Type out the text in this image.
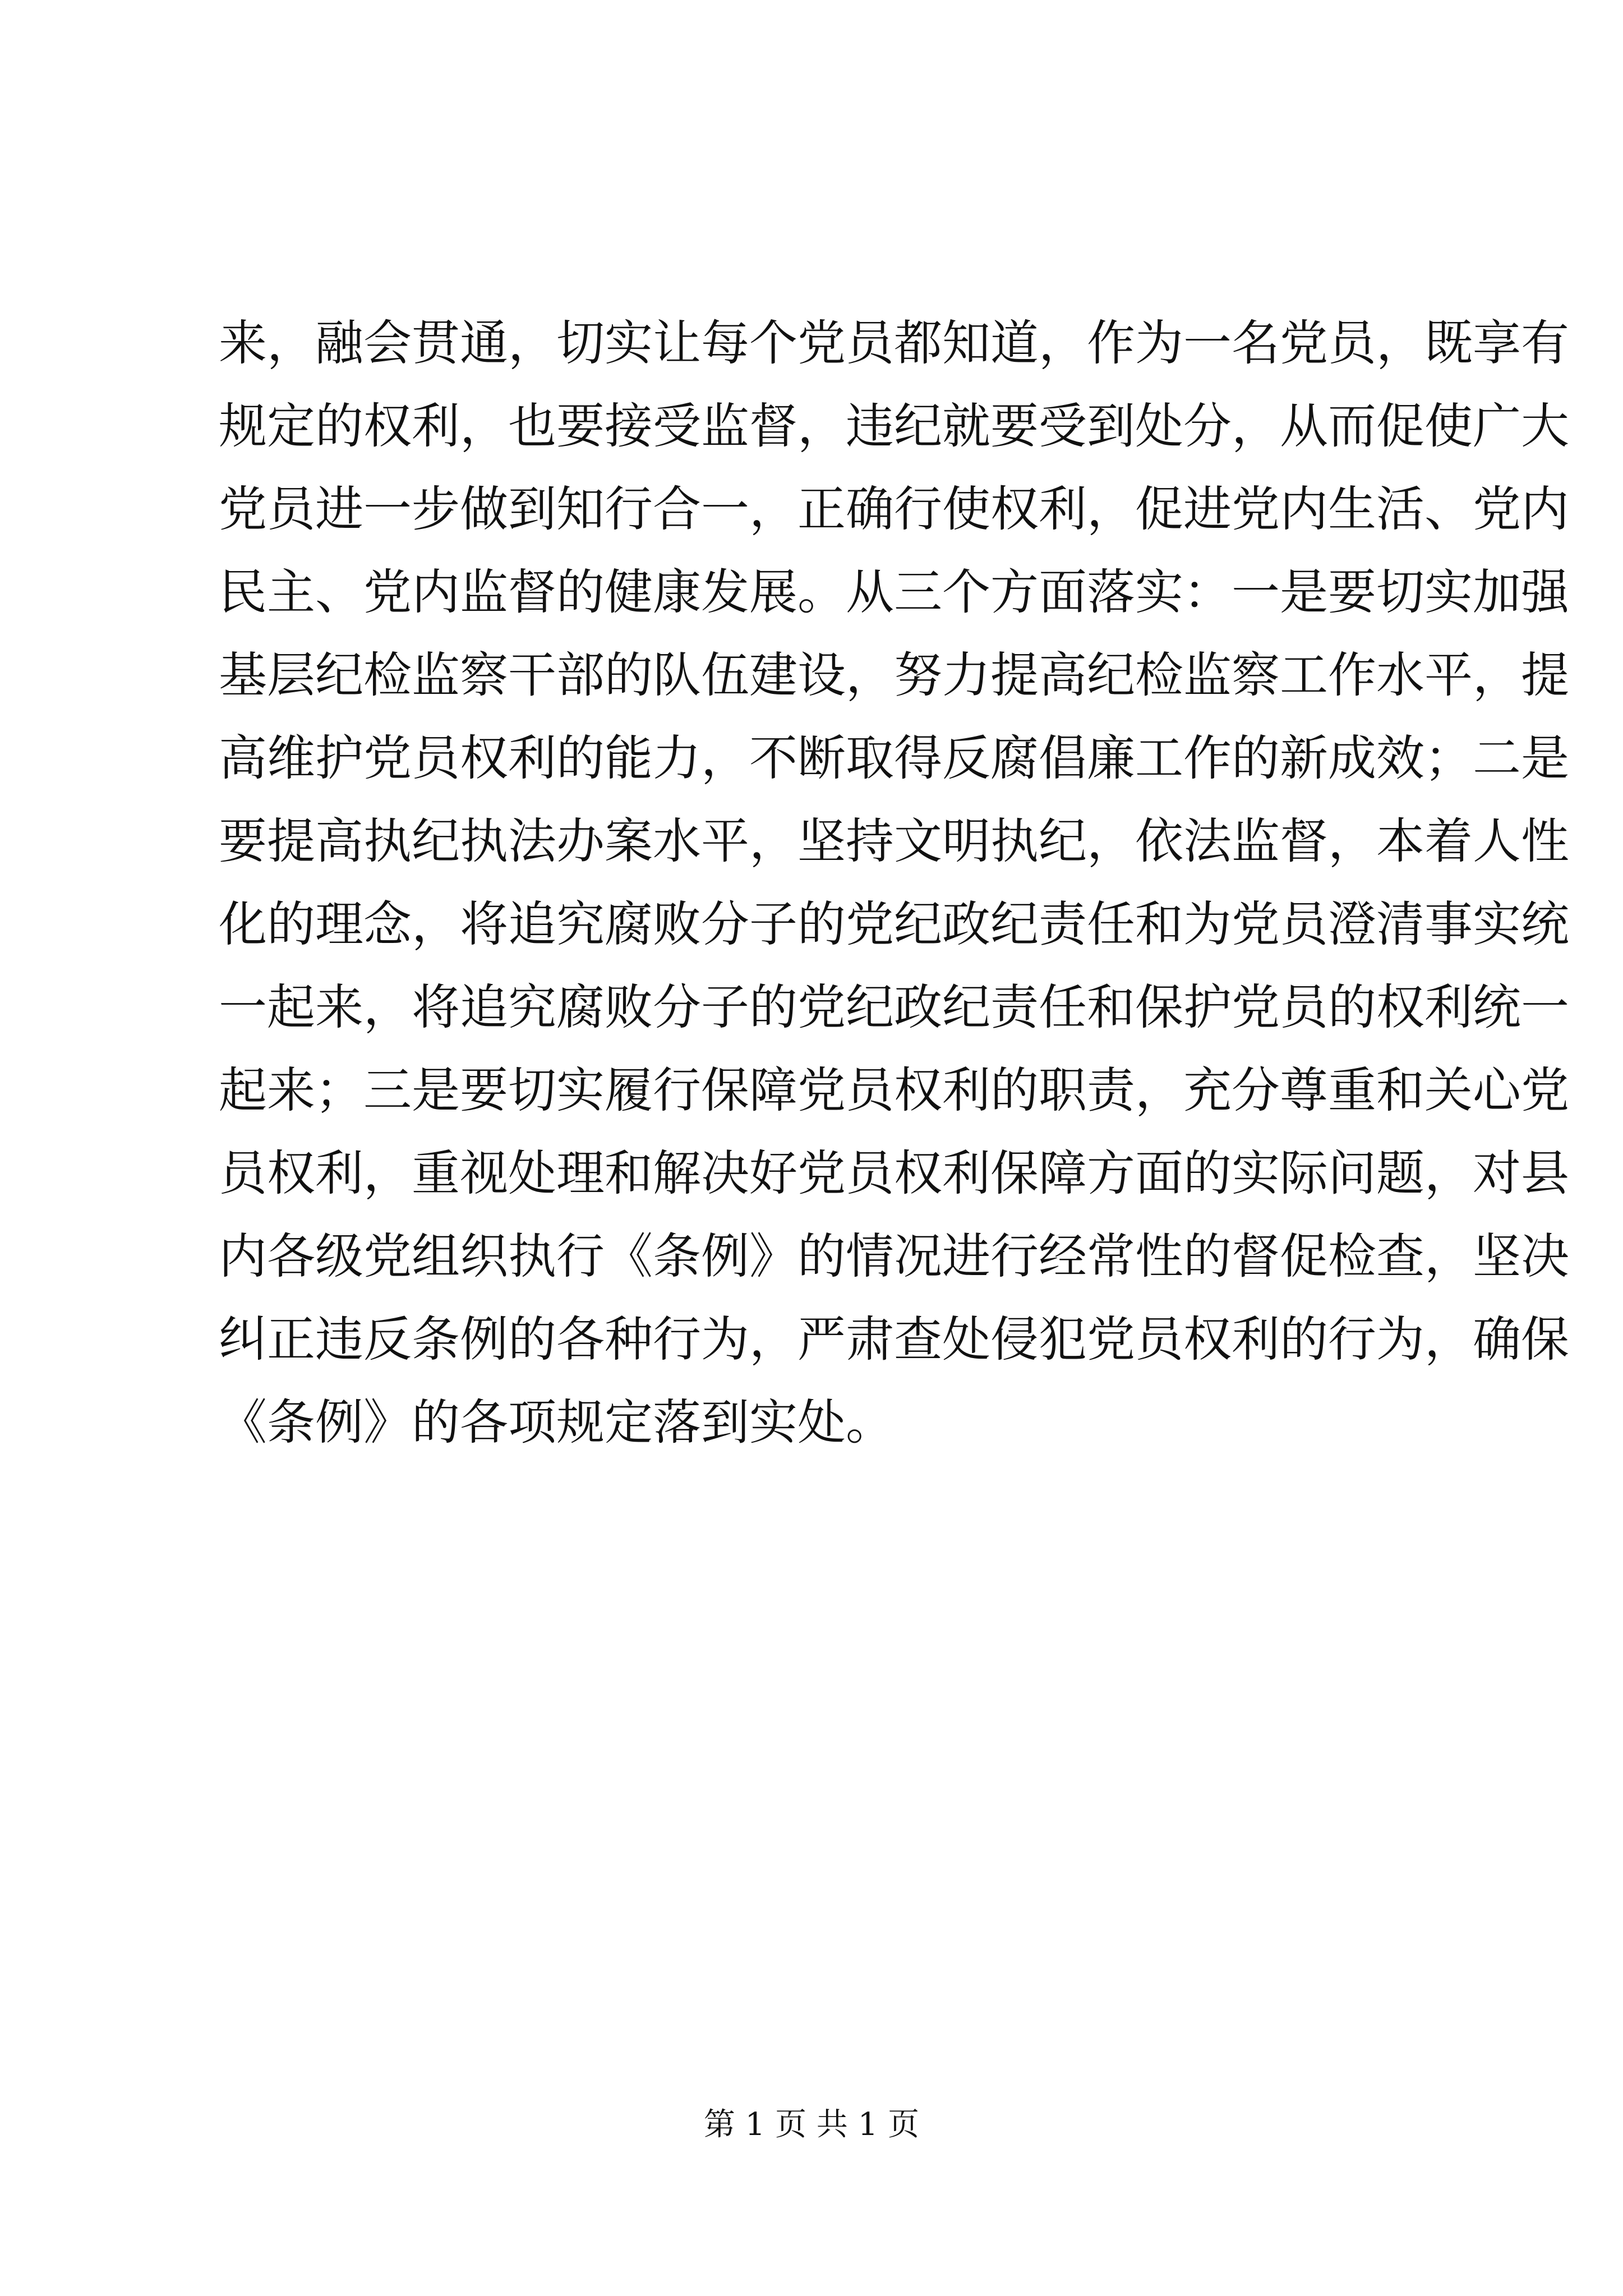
来，融会贯通，切实让每个党员都知道，作为一名党员，既享有
规定的权利，也要接受监督，违纪就要受到处分，从而促使广大
党员进一步做到知行合一，正确行使权利，促进党内生活、党内
民主、党内监督的健康发展。从三个方面落实：一是要切实加强
基层纪检监察干部的队伍建设，努力提高纪检监察工作水平，提
高维护党员权利的能力，不断取得反腐倡廉工作的新成效；二是
要提高执纪执法办案水平，坚持文明执纪，依法监督，本着人性
化的理念，将追究腐败分子的党纪政纪责任和为党员澄清事实统
一起来，将追究腐败分子的党纪政纪责任和保护党员的权利统一
起来；三是要切实履行保障党员权利的职责，充分尊重和关心党
员权利，重视处理和解决好党员权利保障方面的实际问题，对县
内各级党组织执行《条例》的情况进行经常性的督促检查，坚决
纠正违反条例的各种行为，严肃查处侵犯党员权利的行为，确保
《条例》的各项规定落到实处。
第 1 页 共 1 页
